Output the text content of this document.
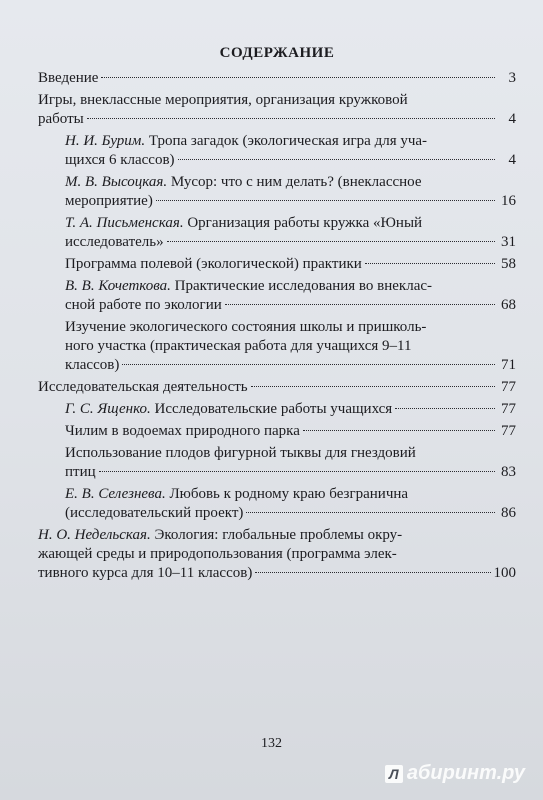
СОДЕРЖАНИЕ
Введение	3
Игры, внеклассные мероприятия, организация кружковой
работы	4
Н. И. Бурим. Тропа загадок (экологическая игра для уча-
щихся 6 классов)	4
М. В. Высоцкая. Мусор: что с ним делать? (внеклассное
мероприятие)	16
Т. А. Письменская. Организация работы кружка «Юный
исследователь»	31
Программа полевой (экологической) практики	58
В. В. Кочеткова. Практические исследования во внеклас-
сной работе по экологии	68
Изучение экологического состояния школы и пришколь-
ного участка (практическая работа для учащихся 9–11
классов)	71
Исследовательская деятельность	77
Г. С. Ященко. Исследовательские работы учащихся	77
Чилим в водоемах природного парка	77
Использование плодов фигурной тыквы для гнездовий
птиц	83
Е. В. Селезнева. Любовь к родному краю безгранична
(исследовательский проект)	86
Н. О. Недельская. Экология: глобальные проблемы окру-
жающей среды и природопользования (программа элек-
тивного курса для 10–11 классов)	100
132
Л абиринт.ру
